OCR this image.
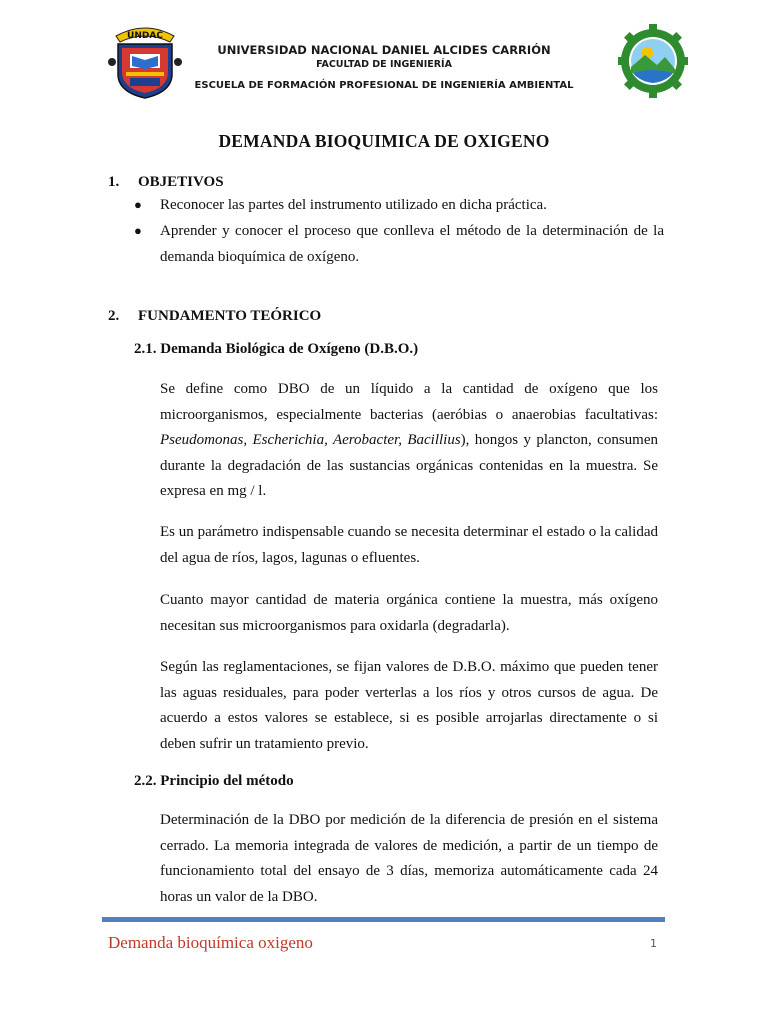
UNDAC
UNIVERSIDAD NACIONAL DANIEL ALCIDES CARRIÓN
FACULTAD DE INGENIERÍA
ESCUELA DE FORMACIÓN PROFESIONAL DE INGENIERÍA AMBIENTAL
DEMANDA BIOQUIMICA DE OXIGENO
1. OBJETIVOS
● Reconocer las partes del instrumento utilizado en dicha práctica.
● Aprender y conocer el proceso que conlleva el método de la determinación de la demanda bioquímica de oxígeno.
2. FUNDAMENTO TEÓRICO
2.1. Demanda Biológica de Oxígeno (D.B.O.)
Se define como DBO de un líquido a la cantidad de oxígeno que los microorganismos, especialmente bacterias (aeróbias o anaerobias facultativas: Pseudomonas, Escherichia, Aerobacter, Bacillius), hongos y plancton, consumen durante la degradación de las sustancias orgánicas contenidas en la muestra. Se expresa en mg / l.
Es un parámetro indispensable cuando se necesita determinar el estado o la calidad del agua de ríos, lagos, lagunas o efluentes.
Cuanto mayor cantidad de materia orgánica contiene la muestra, más oxígeno necesitan sus microorganismos para oxidarla (degradarla).
Según las reglamentaciones, se fijan valores de D.B.O. máximo que pueden tener las aguas residuales, para poder verterlas a los ríos y otros cursos de agua. De acuerdo a estos valores se establece, si es posible arrojarlas directamente o si deben sufrir un tratamiento previo.
2.2. Principio del método
Determinación de la DBO por medición de la diferencia de presión en el sistema cerrado. La memoria integrada de valores de medición, a partir de un tiempo de funcionamiento total del ensayo de 3 días, memoriza automáticamente cada 24 horas un valor de la DBO.
Demanda bioquímica oxigeno	1
